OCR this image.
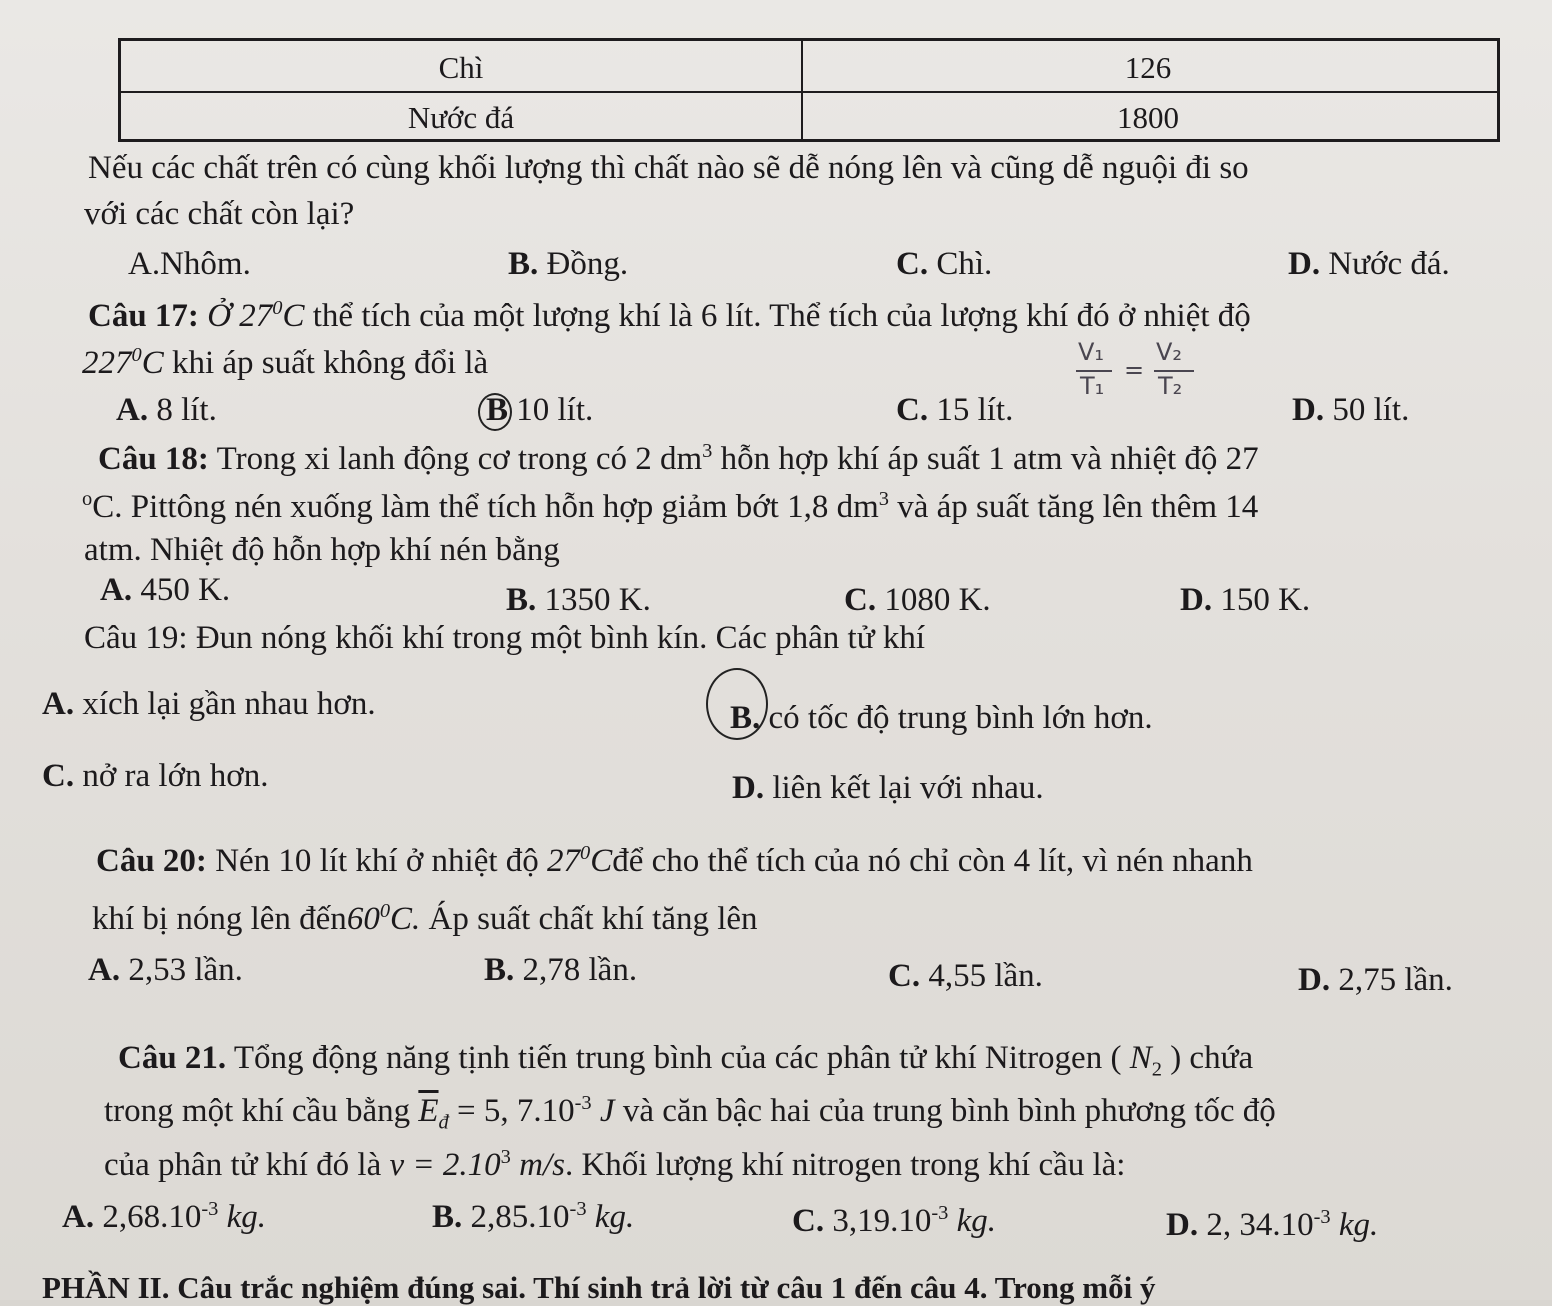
Chì	126
Nước đá	1800
Nếu các chất trên có cùng khối lượng thì chất nào sẽ dễ nóng lên và cũng dễ nguội đi so
với các chất còn lại?
A.Nhôm.	B. Đồng.	C. Chì.	D. Nước đá.
Câu 17: Ở $27^0C$ thể tích của một lượng khí là 6 lít. Thể tích của lượng khí đó ở nhiệt độ
$227^0C$ khi áp suất không đổi là
A. 8 lít.	B 10 lít.	C. 15 lít.	D. 50 lít.
V₁
T₁
=
V₂
T₂
Câu 18: Trong xi lanh động cơ trong có 2 $dm^3$ hỗn hợp khí áp suất 1 atm và nhiệt độ 27
$^o$C. Pittông nén xuống làm thể tích hỗn hợp giảm bớt 1,8 $dm^3$ và áp suất tăng lên thêm 14
atm. Nhiệt độ hỗn hợp khí nén bằng
A. 450 K.	B. 1350 K.	C. 1080 K.	D. 150 K.
Câu 19: Đun nóng khối khí trong một bình kín. Các phân tử khí
A. xích lại gần nhau hơn.	B. có tốc độ trung bình lớn hơn.
C. nở ra lớn hơn.	D. liên kết lại với nhau.
Câu 20: Nén 10 lít khí ở nhiệt độ $27^0Cđể$ cho thể tích của nó chỉ còn 4 lít, vì nén nhanh
khí bị nóng lên $đến60^0C$. Áp suất chất khí tăng lên
A. 2,53 lần.	B. 2,78 lần.	C. 4,55 lần.	D. 2,75 lần.
Câu 21. Tổng động năng tịnh tiến trung bình của các phân tử khí Nitrogen ( $N_2$ ) chứa
trong một khí cầu bằng $\overline{E}_đ = 5$, $7.10^{-3}$ J và căn bậc hai của trung bình bình phương tốc độ
của phân tử khí đó là $v = 2.10^3$ m/s. Khối lượng khí nitrogen trong khí cầu là:
A. $2,68.10^{-3}$ kg.	B. $2,85.10^{-3}$ kg.	C. $3,19.10^{-3}$ kg.	D. 2, $34.10^{-3}$ kg.
PHẦN II. Câu trắc nghiệm đúng sai. Thí sinh trả lời từ câu 1 đến câu 4. Trong mỗi ý
